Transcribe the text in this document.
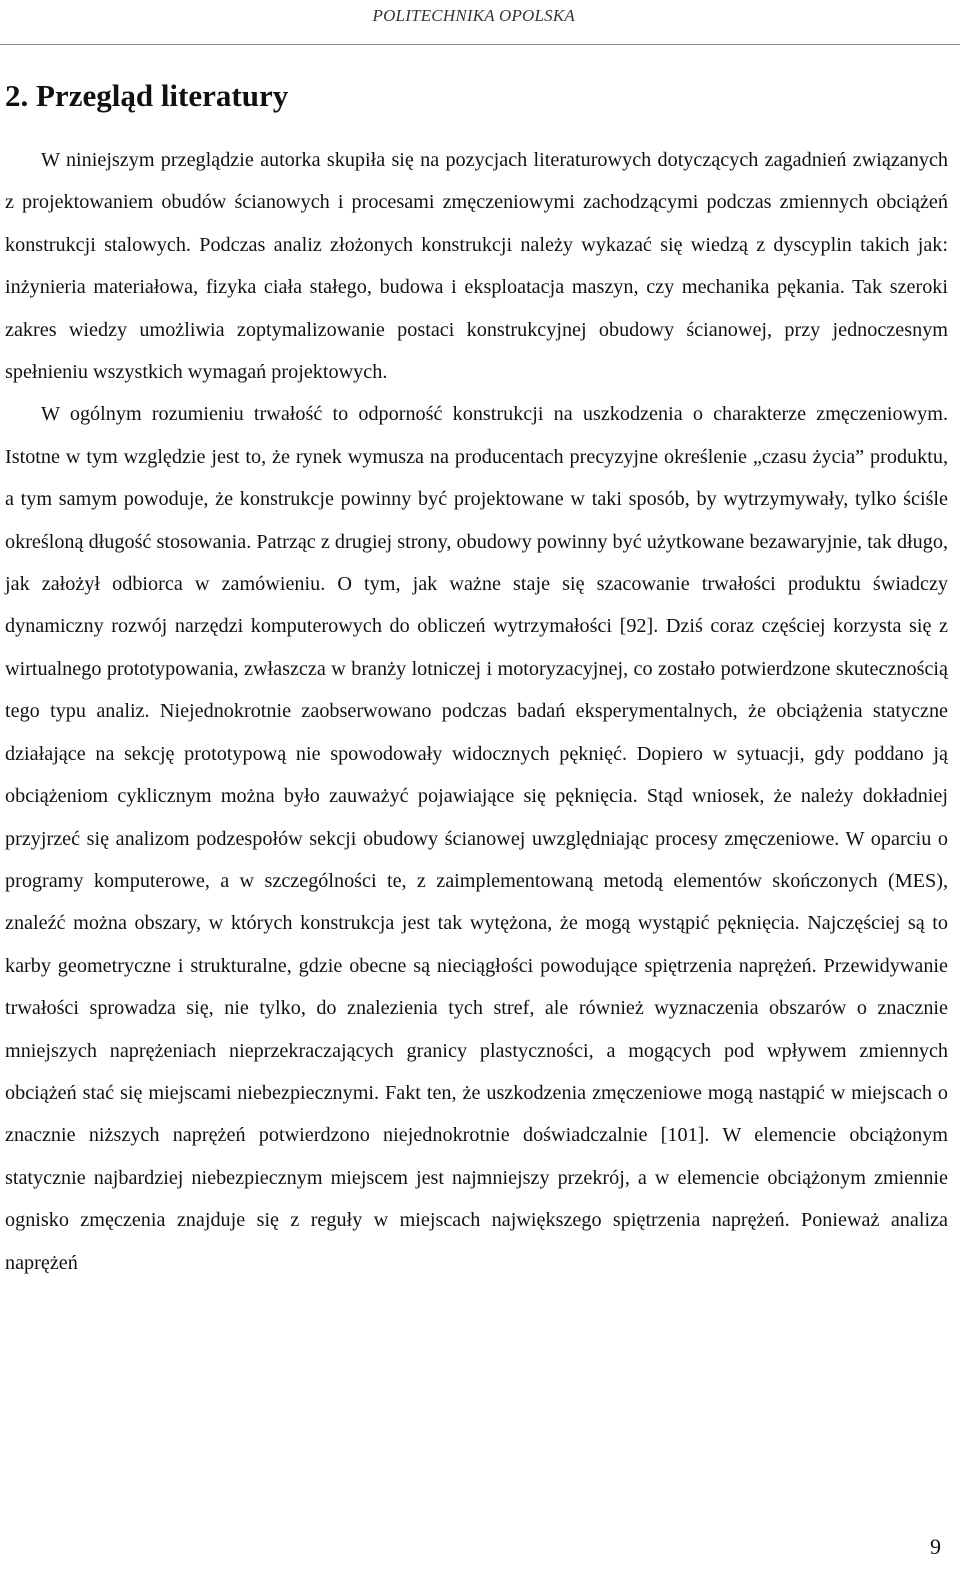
POLITECHNIKA OPOLSKA
2. Przegląd literatury

W niniejszym przeglądzie autorka skupiła się na pozycjach literaturowych dotyczących zagadnień związanych z projektowaniem obudów ścianowych i procesami zmęczeniowymi zachodzącymi podczas zmiennych obciążeń konstrukcji stalowych. Podczas analiz złożonych konstrukcji należy wykazać się wiedzą z dyscyplin takich jak: inżynieria materiałowa, fizyka ciała stałego, budowa i eksploatacja maszyn, czy mechanika pękania. Tak szeroki zakres wiedzy umożliwia zoptymalizowanie postaci konstrukcyjnej obudowy ścianowej, przy jednoczesnym spełnieniu wszystkich wymagań projektowych.

W ogólnym rozumieniu trwałość to odporność konstrukcji na uszkodzenia o charakterze zmęczeniowym. Istotne w tym względzie jest to, że rynek wymusza na producentach precyzyjne określenie „czasu życia” produktu, a tym samym powoduje, że konstrukcje powinny być projektowane w taki sposób, by wytrzymywały, tylko ściśle określoną długość stosowania. Patrząc z drugiej strony, obudowy powinny być użytkowane bezawaryjnie, tak długo, jak założył odbiorca w zamówieniu. O tym, jak ważne staje się szacowanie trwałości produktu świadczy dynamiczny rozwój narzędzi komputerowych do obliczeń wytrzymałości [92]. Dziś coraz częściej korzysta się z wirtualnego prototypowania, zwłaszcza w branży lotniczej i motoryzacyjnej, co zostało potwierdzone skutecznością tego typu analiz. Niejednokrotnie zaobserwowano podczas badań eksperymentalnych, że obciążenia statyczne działające na sekcję prototypową nie spowodowały widocznych pęknięć. Dopiero w sytuacji, gdy poddano ją obciążeniom cyklicznym można było zauważyć pojawiające się pęknięcia. Stąd wniosek, że należy dokładniej przyjrzeć się analizom podzespołów sekcji obudowy ścianowej uwzględniając procesy zmęczeniowe. W oparciu o programy komputerowe, a w szczególności te, z zaimplementowaną metodą elementów skończonych (MES), znaleźć można obszary, w których konstrukcja jest tak wytężona, że mogą wystąpić pęknięcia. Najczęściej są to karby geometryczne i strukturalne, gdzie obecne są nieciągłości powodujące spiętrzenia naprężeń. Przewidywanie trwałości sprowadza się, nie tylko, do znalezienia tych stref, ale również wyznaczenia obszarów o znacznie mniejszych naprężeniach nieprzekraczających granicy plastyczności, a mogących pod wpływem zmiennych obciążeń stać się miejscami niebezpiecznymi. Fakt ten, że uszkodzenia zmęczeniowe mogą nastąpić w miejscach o znacznie niższych naprężeń potwierdzono niejednokrotnie doświadczalnie [101]. W elemencie obciążonym statycznie najbardziej niebezpiecznym miejscem jest najmniejszy przekrój, a w elemencie obciążonym zmiennie ognisko zmęczenia znajduje się z reguły w miejscach największego spiętrzenia naprężeń. Ponieważ analiza naprężeń

9
